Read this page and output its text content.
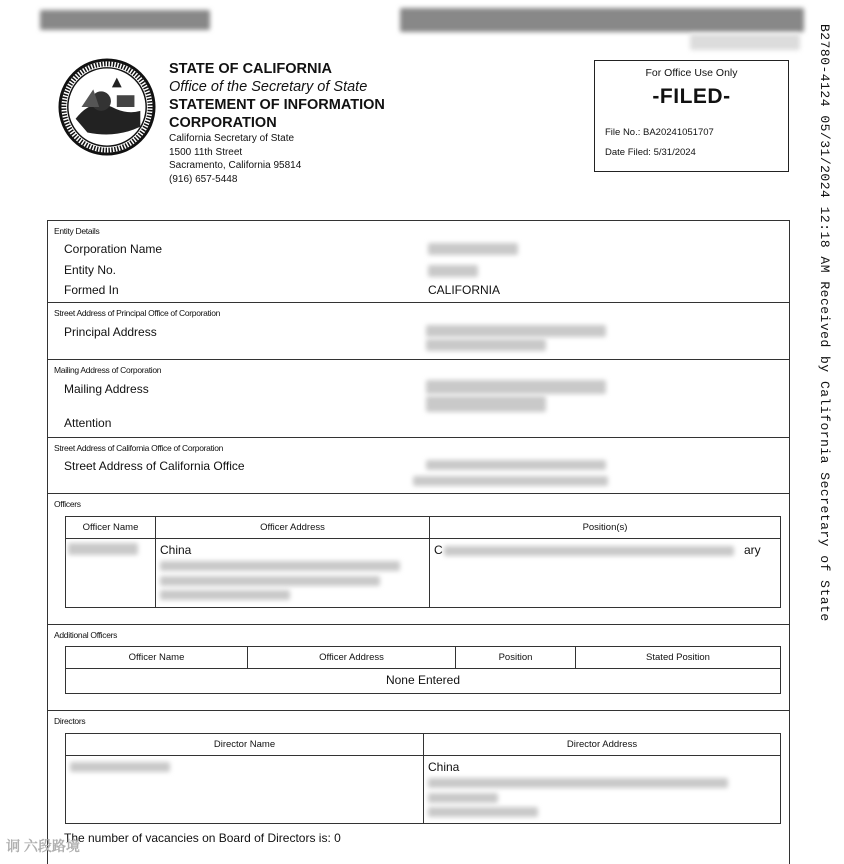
STATE OF CALIFORNIA
Office of the Secretary of State
STATEMENT OF INFORMATION
CORPORATION
California Secretary of State
1500 11th Street
Sacramento, California 95814
(916) 657-5448
For Office Use Only
-FILED-
File No.: BA20241051707
Date Filed: 5/31/2024	B2780-4124 05/31/2024 12:18 AM Received by California Secretary of State
Entity Details
Corporation Name
Entity No.
Formed In	CALIFORNIA
Street Address of Principal Office of Corporation
Principal Address
Mailing Address of Corporation
Mailing Address
Attention
Street Address of California Office of Corporation
Street Address of California Office
Officers
Officer Name	Officer Address	Position(s)

	China	C ary
Additional Officers
Officer Name	Officer Address	Position	Stated Position
None Entered
Directors
Director Name	Director Address

	China
The number of vacancies on Board of Directors is: 0
诇 六段路境
